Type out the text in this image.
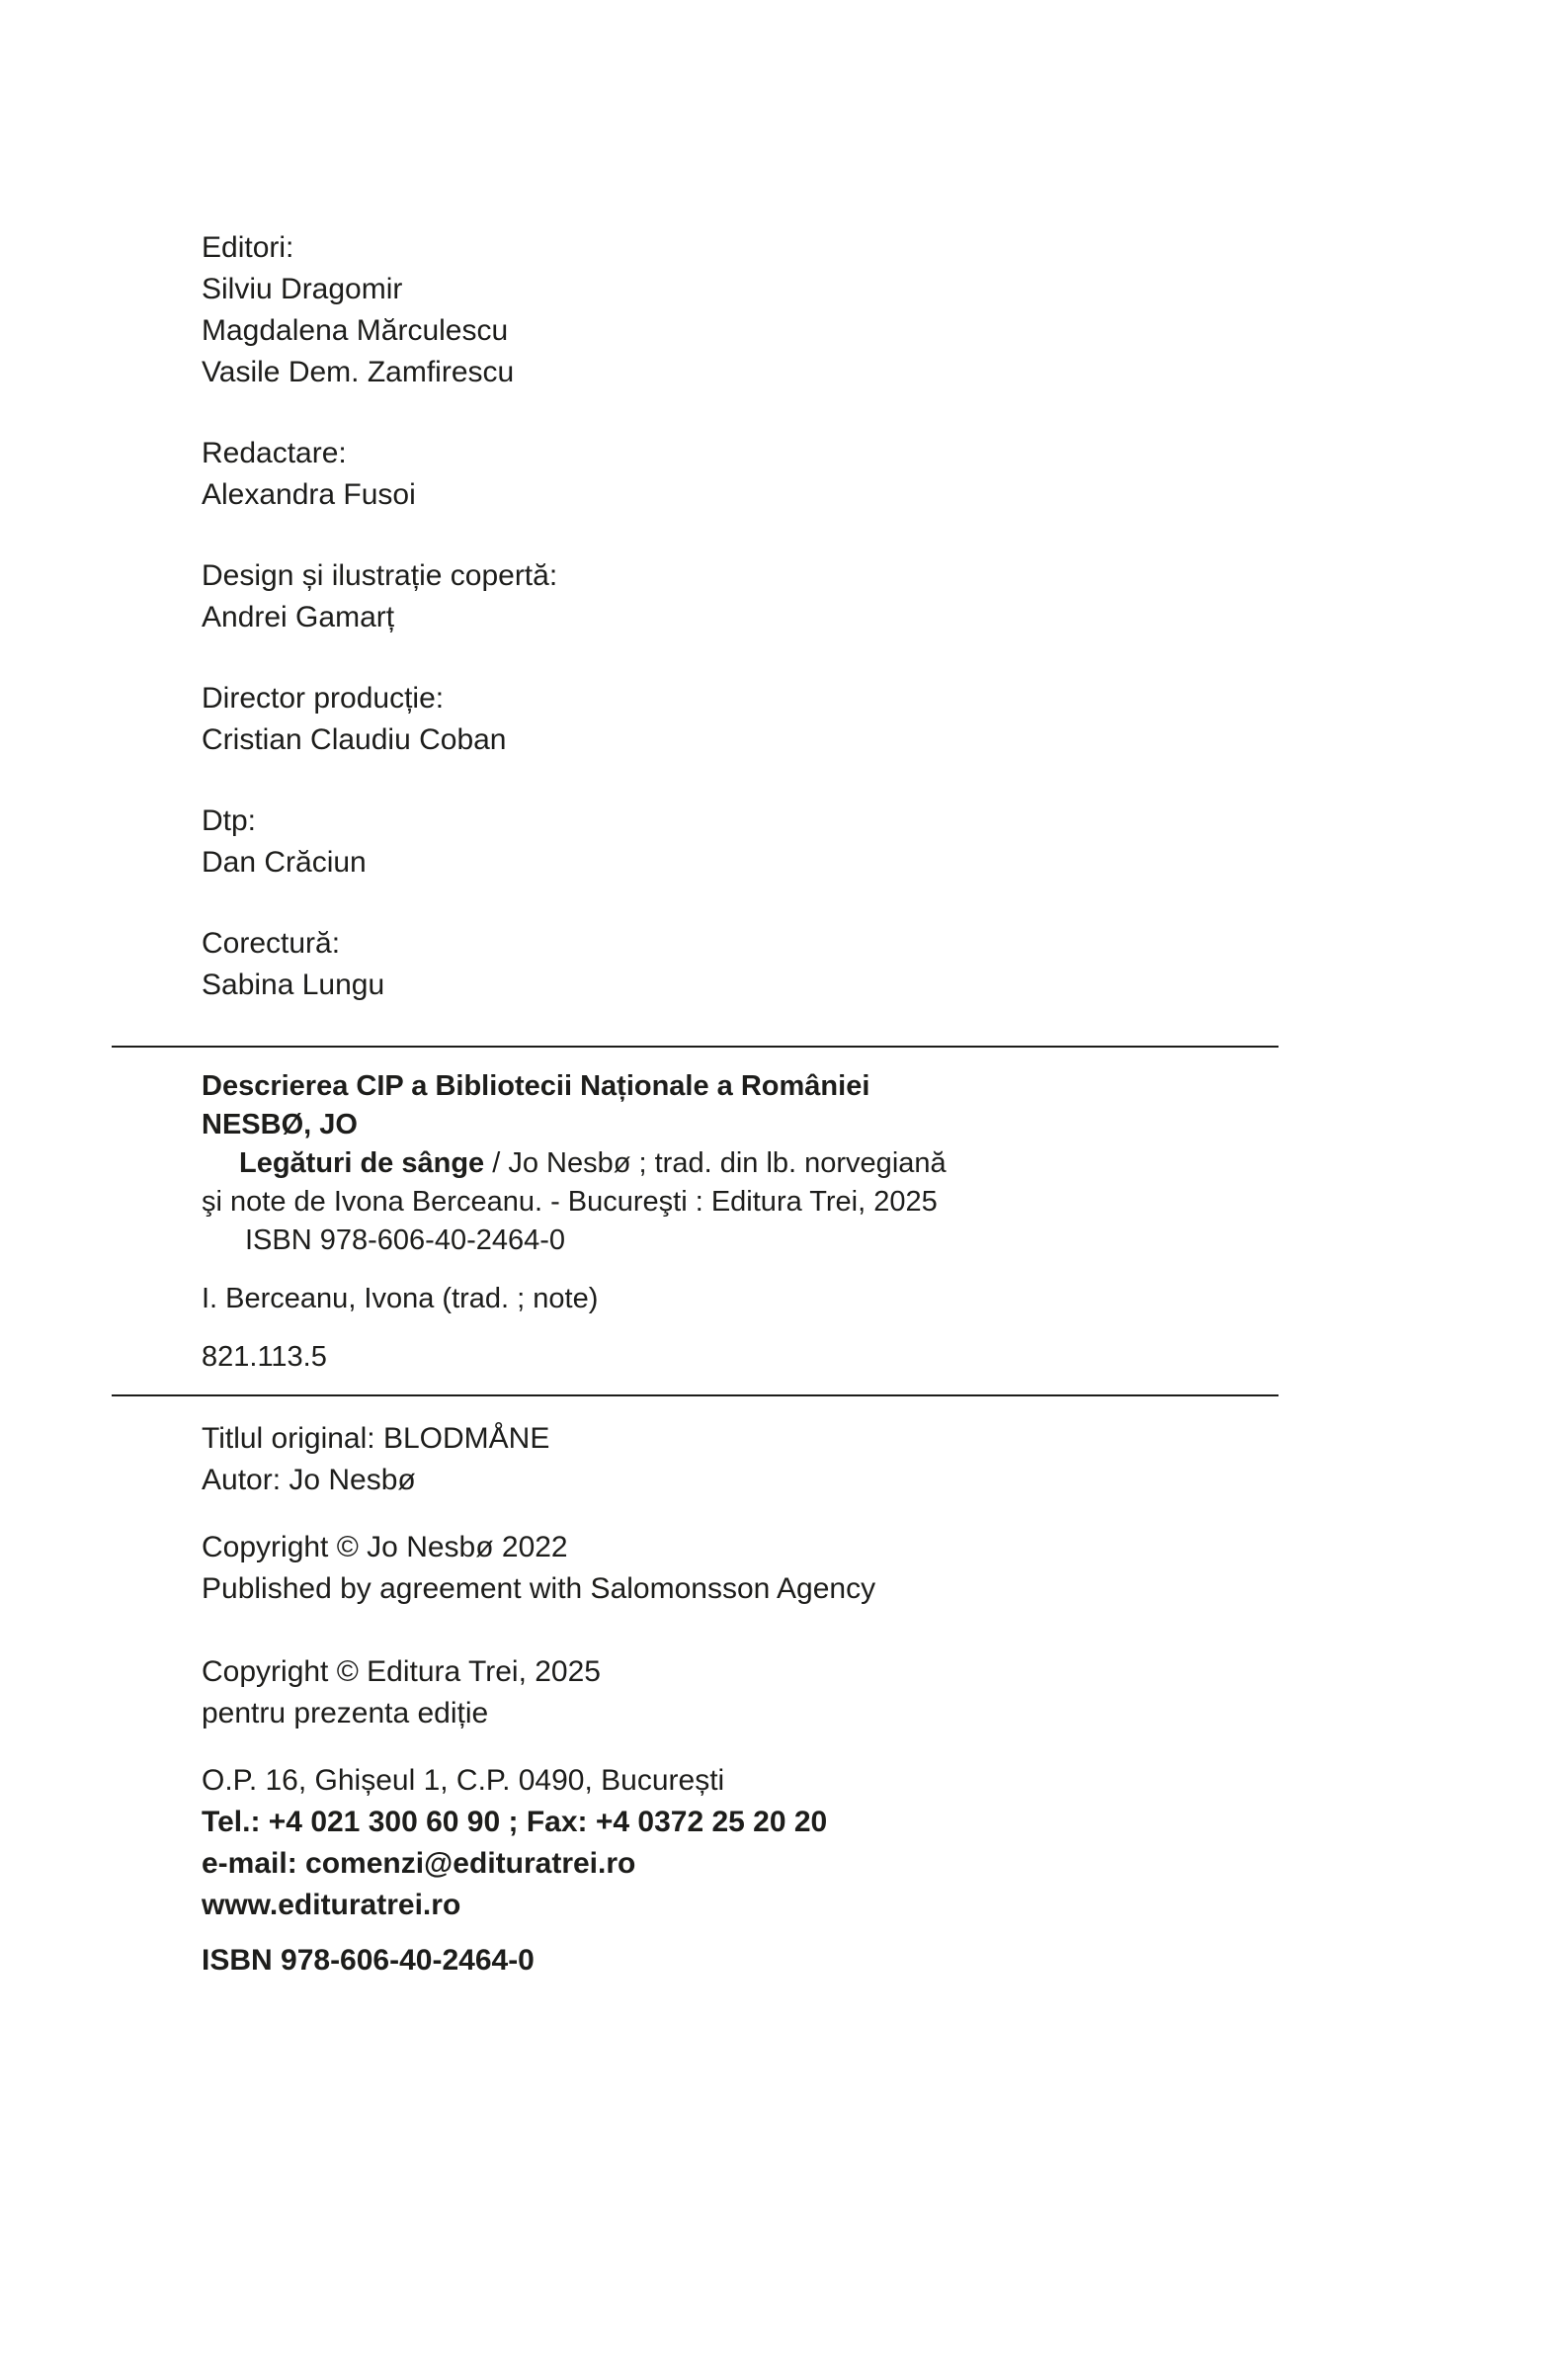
Editori:
Silviu Dragomir
Magdalena Mărculescu
Vasile Dem. Zamfirescu
Redactare:
Alexandra Fusoi
Design și ilustrație copertă:
Andrei Gamarț
Director producție:
Cristian Claudiu Coban
Dtp:
Dan Crăciun
Corectură:
Sabina Lungu
Descrierea CIP a Bibliotecii Naționale a României
NESBØ, JO
Legături de sânge / Jo Nesbø ; trad. din lb. norvegiană
şi note de Ivona Berceanu. - Bucureşti : Editura Trei, 2025
ISBN 978-606-40-2464-0
I. Berceanu, Ivona (trad. ; note)
821.113.5
Titlul original: BLODMÅNE
Autor: Jo Nesbø
Copyright © Jo Nesbø 2022
Published by agreement with Salomonsson Agency
Copyright © Editura Trei, 2025
pentru prezenta ediție
O.P. 16, Ghișeul 1, C.P. 0490, București
Tel.: +4 021 300 60 90 ; Fax: +4 0372 25 20 20
e-mail: comenzi@edituratrei.ro
www.edituratrei.ro
ISBN 978-606-40-2464-0
